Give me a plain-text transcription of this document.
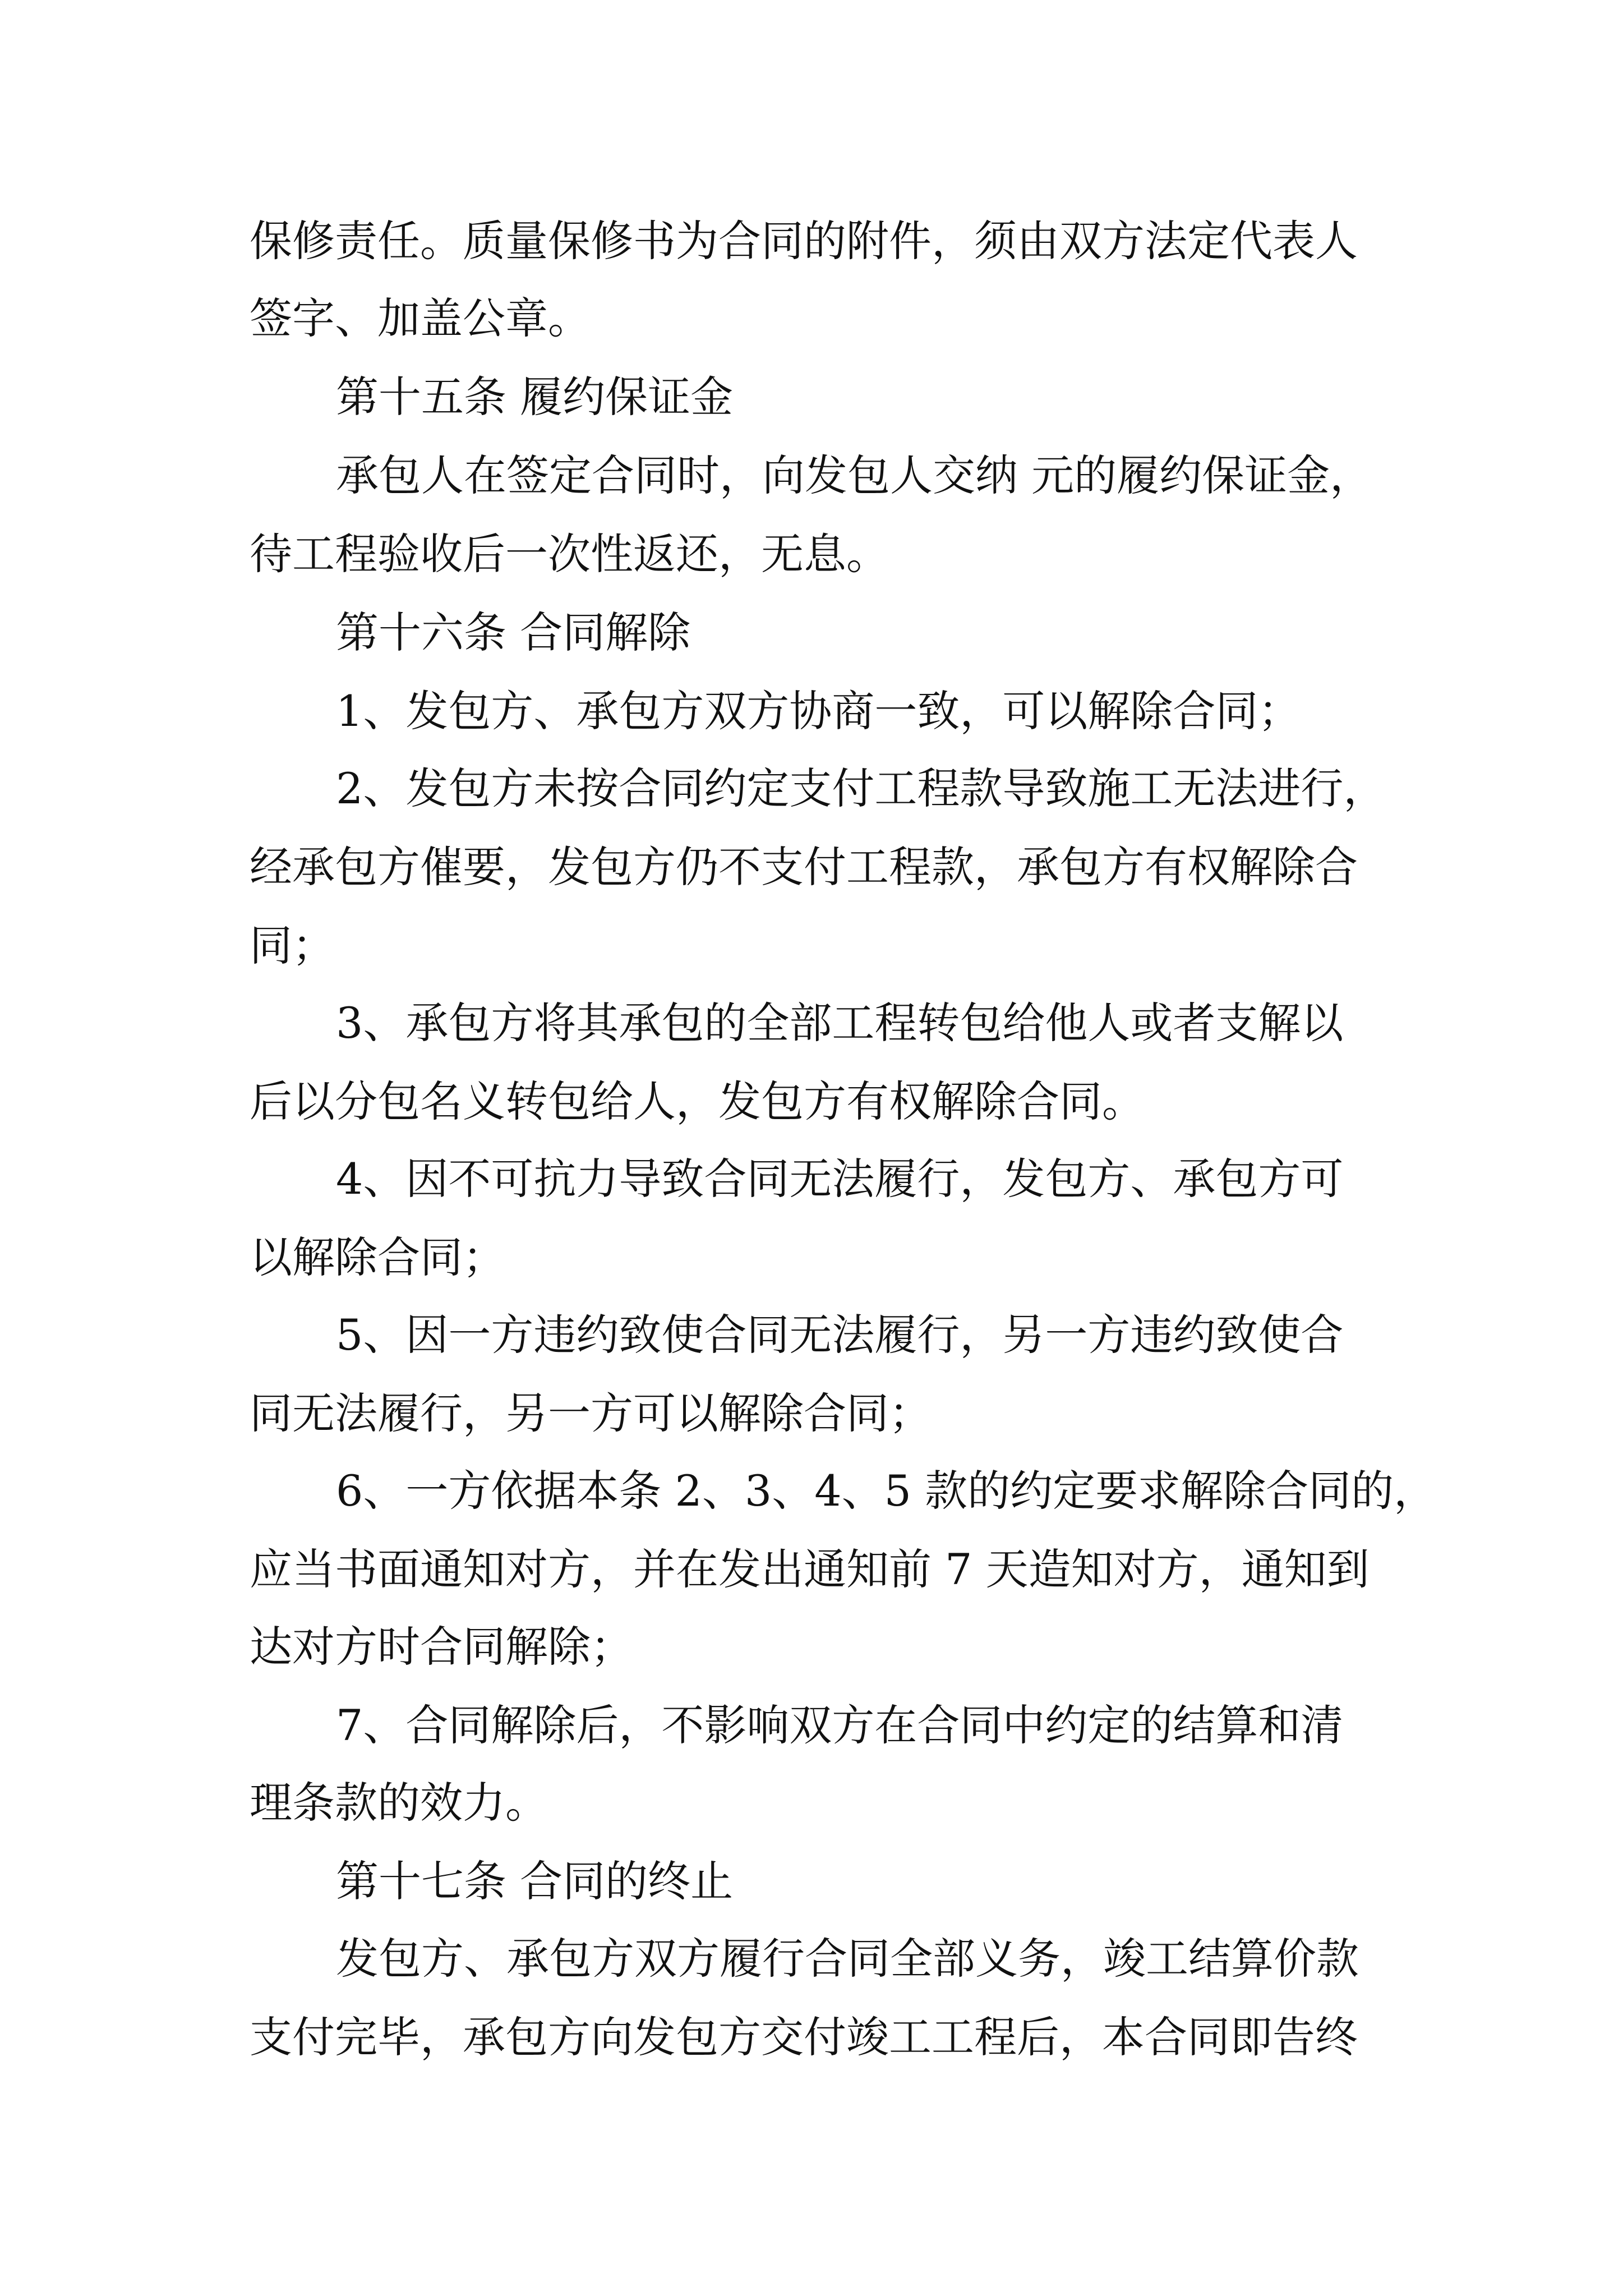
保修责任。质量保修书为合同的附件，须由双方法定代表人

签字、加盖公章。

第十五条 履约保证金

承包人在签定合同时，向发包人交纳 元的履约保证金，

待工程验收后一次性返还，无息。

第十六条 合同解除

1、发包方、承包方双方协商一致，可以解除合同；

2、发包方未按合同约定支付工程款导致施工无法进行，

经承包方催要，发包方仍不支付工程款，承包方有权解除合

同；

3、承包方将其承包的全部工程转包给他人或者支解以

后以分包名义转包给人，发包方有权解除合同。

4、因不可抗力导致合同无法履行，发包方、承包方可

以解除合同；

5、因一方违约致使合同无法履行，另一方违约致使合

同无法履行，另一方可以解除合同；

6、一方依据本条 2、3、4、5 款的约定要求解除合同的，

应当书面通知对方，并在发出通知前 7 天造知对方，通知到

达对方时合同解除；

7、合同解除后，不影响双方在合同中约定的结算和清

理条款的效力。

第十七条 合同的终止

发包方、承包方双方履行合同全部义务，竣工结算价款

支付完毕，承包方向发包方交付竣工工程后，本合同即告终
